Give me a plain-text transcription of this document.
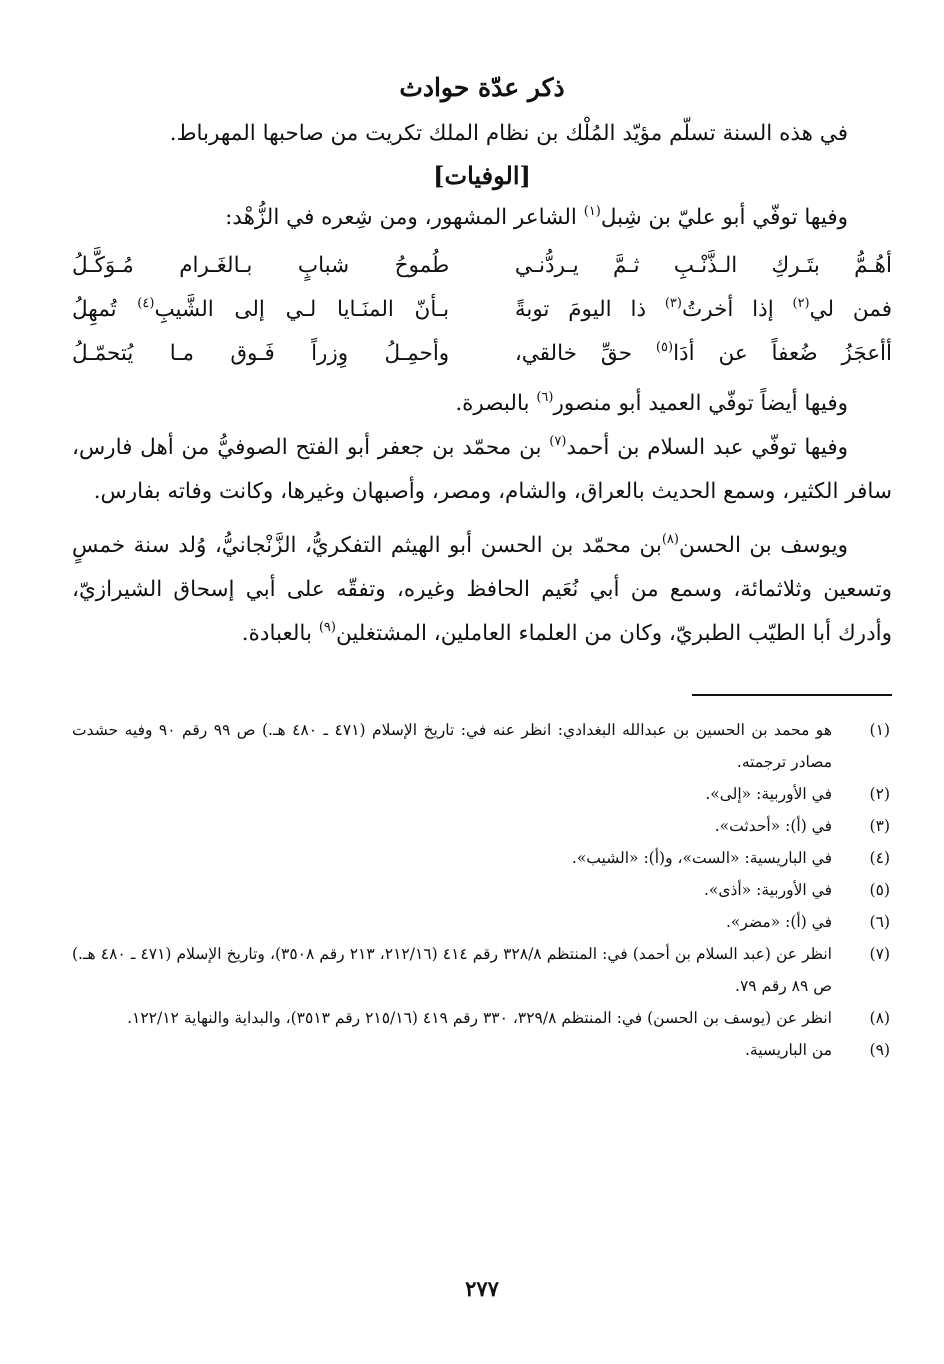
ذكر عدّة حوادث

في هذه السنة تسلّم مؤيّد المُلْك بن نظام الملك تكريت من صاحبها المهرباط.

[الوفيات]

وفيها توفّي أبو عليّ بن شِبل$^{(١)}$ الشاعر المشهور، ومن شِعره في الزُّهْد:

أهُـمُّ بتَـركِ الـذَّنْـبِ ثـمَّ يـردُّنـي
طُموحُ شبابٍ بـالغَـرام مُـوَكَّـلُ
فمن لي$^{(٢)}$ إذا أخرتُ$^{(٣)}$ ذا اليومَ توبةً
بـأنّ المنَـايا لـي إلى الشَّيبِ$^{(٤)}$ تُمهِلُ
أأعجَزُ ضُعفاً عن أدَا$^{(٥)}$ حقِّ خالقي،
وأحمِـلُ وِزراً فَـوق مـا يُتحمّـلُ

وفيها أيضاً توفّي العميد أبو منصور$^{(٦)}$ بالبصرة.

وفيها توفّي عبد السلام بن أحمد$^{(٧)}$ بن محمّد بن جعفر أبو الفتح الصوفيُّ من أهل فارس، سافر الكثير، وسمع الحديث بالعراق، والشام، ومصر، وأصبهان وغيرها، وكانت وفاته بفارس.

ويوسف بن الحسن$^{(٨)}$بن محمّد بن الحسن أبو الهيثم التفكريُّ، الزَّنْجانيُّ، وُلد سنة خمسٍ وتسعين وثلاثمائة، وسمع من أبي نُعَيم الحافظ وغيره، وتفقّه على أبي إسحاق الشيرازيّ، وأدرك أبا الطيّب الطبريّ، وكان من العلماء العاملين، المشتغلين$^{(٩)}$ بالعبادة.

(١)
هو محمد بن الحسين بن عبدالله البغدادي: انظر عنه في: تاريخ الإسلام (٤٧١ ـ ٤٨٠ هـ.) ص ٩٩ رقم ٩٠ وفيه حشدت مصادر ترجمته.
(٢)
في الأوربية: «إلى».
(٣)
في (أ): «أحدثت».
(٤)
في الباريسية: «الست»، و(أ): «الشيب».
(٥)
في الأوربية: «أذى».
(٦)
في (أ): «مضر».
(٧)
انظر عن (عبد السلام بن أحمد) في: المنتظم ٣٢٨/٨ رقم ٤١٤ (٢١٢/١٦، ٢١٣ رقم ٣٥٠٨)، وتاريخ الإسلام (٤٧١ ـ ٤٨٠ هـ.) ص ٨٩ رقم ٧٩.
(٨)
انظر عن (يوسف بن الحسن) في: المنتظم ٣٢٩/٨، ٣٣٠ رقم ٤١٩ (٢١٥/١٦ رقم ٣٥١٣)، والبداية والنهاية ١٢٢/١٢.
(٩)
من الباريسية.
٢٧٧
